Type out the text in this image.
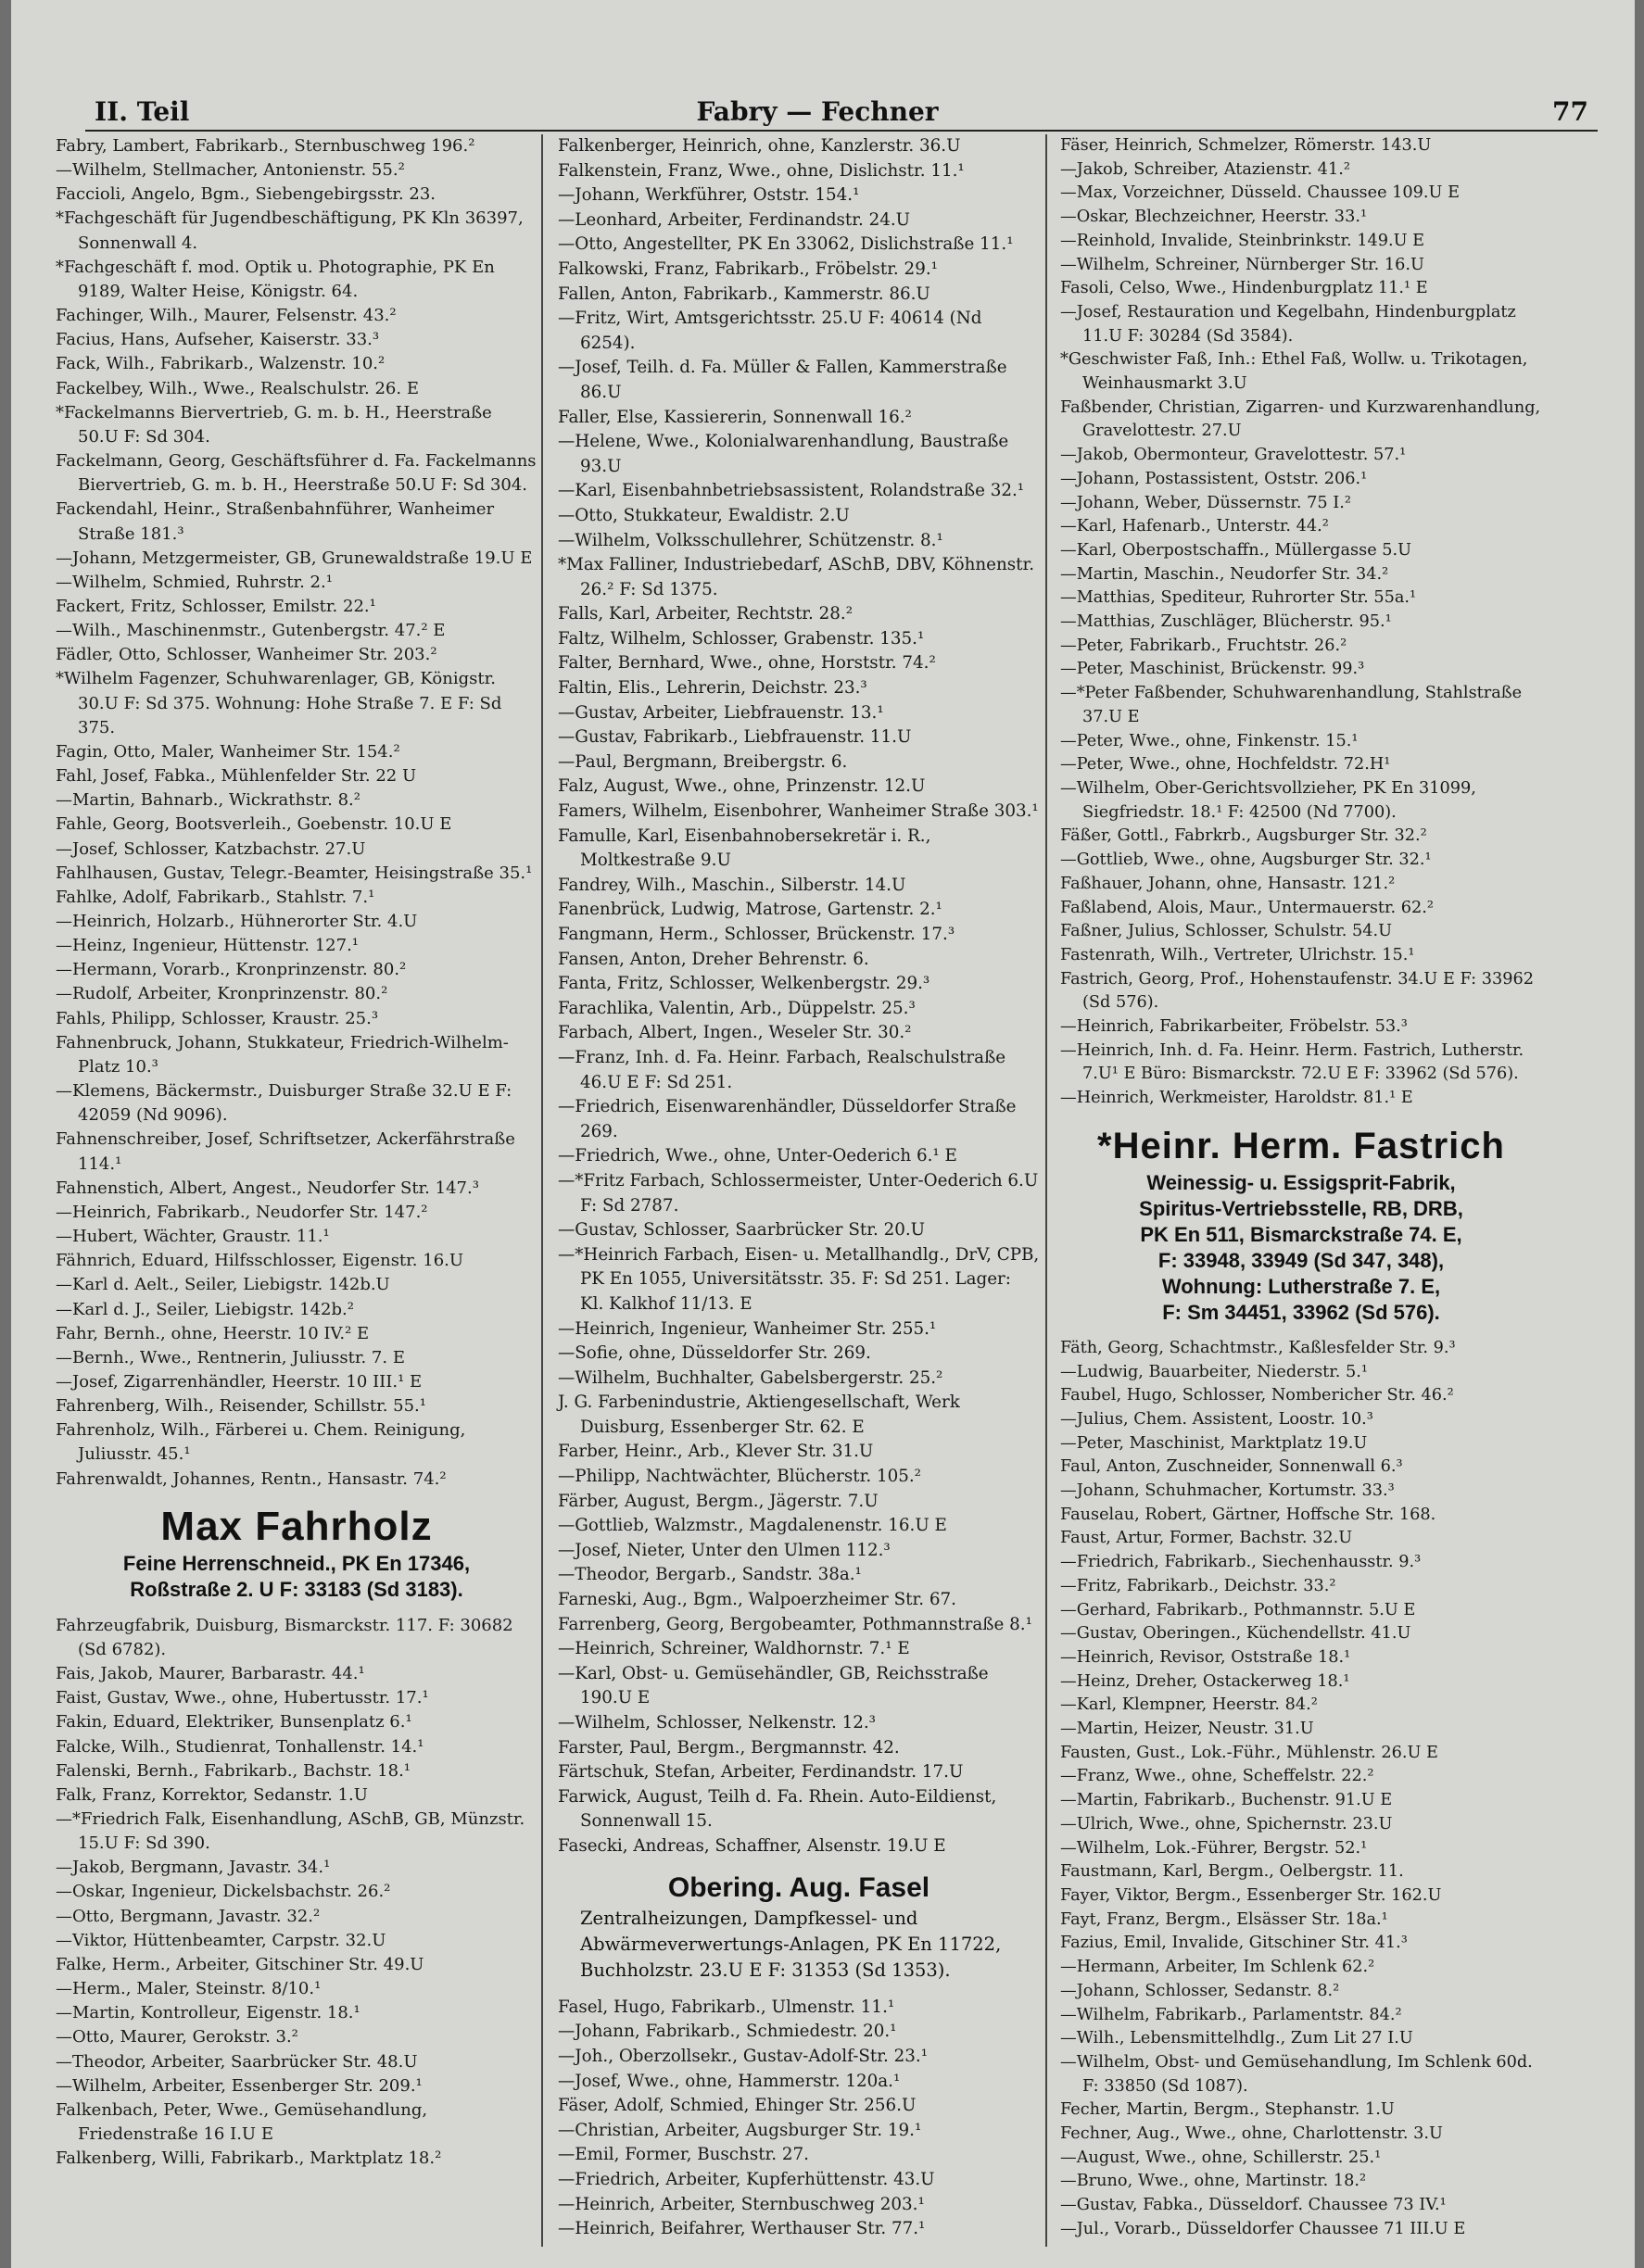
II. Teil	Fabry — Fechner	77

Fabry, Lambert, Fabrikarb., Sternbuschweg 196.²

—Wilhelm, Stellmacher, Antonienstr. 55.²

Faccioli, Angelo, Bgm., Siebengebirgsstr. 23.

*Fachgeschäft für Jugendbeschäftigung, PK Kln 36397, Sonnenwall 4.

*Fachgeschäft f. mod. Optik u. Photographie, PK En 9189, Walter Heise, Königstr. 64.

Fachinger, Wilh., Maurer, Felsenstr. 43.²

Facius, Hans, Aufseher, Kaiserstr. 33.³

Fack, Wilh., Fabrikarb., Walzenstr. 10.²

Fackelbey, Wilh., Wwe., Realschulstr. 26. E

*Fackelmanns Biervertrieb, G. m. b. H., Heerstraße 50.U F: Sd 304.

Fackelmann, Georg, Geschäftsführer d. Fa. Fackelmanns Biervertrieb, G. m. b. H., Heerstraße 50.U F: Sd 304.

Fackendahl, Heinr., Straßenbahnführer, Wanheimer Straße 181.³

—Johann, Metzgermeister, GB, Grunewaldstraße 19.U E

—Wilhelm, Schmied, Ruhrstr. 2.¹

Fackert, Fritz, Schlosser, Emilstr. 22.¹

—Wilh., Maschinenmstr., Gutenbergstr. 47.² E

Fädler, Otto, Schlosser, Wanheimer Str. 203.²

*Wilhelm Fagenzer, Schuhwarenlager, GB, Königstr. 30.U F: Sd 375. Wohnung: Hohe Straße 7. E F: Sd 375.

Fagin, Otto, Maler, Wanheimer Str. 154.²

Fahl, Josef, Fabka., Mühlenfelder Str. 22 U

—Martin, Bahnarb., Wickrathstr. 8.²

Fahle, Georg, Bootsverleih., Goebenstr. 10.U E

—Josef, Schlosser, Katzbachstr. 27.U

Fahlhausen, Gustav, Telegr.-Beamter, Heisingstraße 35.¹

Fahlke, Adolf, Fabrikarb., Stahlstr. 7.¹

—Heinrich, Holzarb., Hühnerorter Str. 4.U

—Heinz, Ingenieur, Hüttenstr. 127.¹

—Hermann, Vorarb., Kronprinzenstr. 80.²

—Rudolf, Arbeiter, Kronprinzenstr. 80.²

Fahls, Philipp, Schlosser, Kraustr. 25.³

Fahnenbruck, Johann, Stukkateur, Friedrich-Wilhelm-Platz 10.³

—Klemens, Bäckermstr., Duisburger Straße 32.U E F: 42059 (Nd 9096).

Fahnenschreiber, Josef, Schriftsetzer, Ackerfährstraße 114.¹

Fahnenstich, Albert, Angest., Neudorfer Str. 147.³

—Heinrich, Fabrikarb., Neudorfer Str. 147.²

—Hubert, Wächter, Graustr. 11.¹

Fähnrich, Eduard, Hilfsschlosser, Eigenstr. 16.U

—Karl d. Aelt., Seiler, Liebigstr. 142b.U

—Karl d. J., Seiler, Liebigstr. 142b.²

Fahr, Bernh., ohne, Heerstr. 10 IV.² E

—Bernh., Wwe., Rentnerin, Juliusstr. 7. E

—Josef, Zigarrenhändler, Heerstr. 10 III.¹ E

Fahrenberg, Wilh., Reisender, Schillstr. 55.¹

Fahrenholz, Wilh., Färberei u. Chem. Reinigung, Juliusstr. 45.¹

Fahrenwaldt, Johannes, Rentn., Hansastr. 74.²

Max Fahrholz
Feine Herrenschneid., PK En 17346,
Roßstraße 2. U F: 33183 (Sd 3183).

Fahrzeugfabrik, Duisburg, Bismarckstr. 117. F: 30682 (Sd 6782).

Fais, Jakob, Maurer, Barbarastr. 44.¹

Faist, Gustav, Wwe., ohne, Hubertusstr. 17.¹

Fakin, Eduard, Elektriker, Bunsenplatz 6.¹

Falcke, Wilh., Studienrat, Tonhallenstr. 14.¹

Falenski, Bernh., Fabrikarb., Bachstr. 18.¹

Falk, Franz, Korrektor, Sedanstr. 1.U

—*Friedrich Falk, Eisenhandlung, ASchB, GB, Münzstr. 15.U F: Sd 390.

—Jakob, Bergmann, Javastr. 34.¹

—Oskar, Ingenieur, Dickelsbachstr. 26.²

—Otto, Bergmann, Javastr. 32.²

—Viktor, Hüttenbeamter, Carpstr. 32.U

Falke, Herm., Arbeiter, Gitschiner Str. 49.U

—Herm., Maler, Steinstr. 8/10.¹

—Martin, Kontrolleur, Eigenstr. 18.¹

—Otto, Maurer, Gerokstr. 3.²

—Theodor, Arbeiter, Saarbrücker Str. 48.U

—Wilhelm, Arbeiter, Essenberger Str. 209.¹

Falkenbach, Peter, Wwe., Gemüsehandlung, Friedenstraße 16 I.U E

Falkenberg, Willi, Fabrikarb., Marktplatz 18.²

Falkenberger, Heinrich, ohne, Kanzlerstr. 36.U

Falkenstein, Franz, Wwe., ohne, Dislichstr. 11.¹

—Johann, Werkführer, Oststr. 154.¹

—Leonhard, Arbeiter, Ferdinandstr. 24.U

—Otto, Angestellter, PK En 33062, Dislichstraße 11.¹

Falkowski, Franz, Fabrikarb., Fröbelstr. 29.¹

Fallen, Anton, Fabrikarb., Kammerstr. 86.U

—Fritz, Wirt, Amtsgerichtsstr. 25.U F: 40614 (Nd 6254).

—Josef, Teilh. d. Fa. Müller & Fallen, Kammerstraße 86.U

Faller, Else, Kassiererin, Sonnenwall 16.²

—Helene, Wwe., Kolonialwarenhandlung, Baustraße 93.U

—Karl, Eisenbahnbetriebsassistent, Rolandstraße 32.¹

—Otto, Stukkateur, Ewaldistr. 2.U

—Wilhelm, Volksschullehrer, Schützenstr. 8.¹

*Max Falliner, Industriebedarf, ASchB, DBV, Köhnenstr. 26.² F: Sd 1375.

Falls, Karl, Arbeiter, Rechtstr. 28.²

Faltz, Wilhelm, Schlosser, Grabenstr. 135.¹

Falter, Bernhard, Wwe., ohne, Horststr. 74.²

Faltin, Elis., Lehrerin, Deichstr. 23.³

—Gustav, Arbeiter, Liebfrauenstr. 13.¹

—Gustav, Fabrikarb., Liebfrauenstr. 11.U

—Paul, Bergmann, Breibergstr. 6.

Falz, August, Wwe., ohne, Prinzenstr. 12.U

Famers, Wilhelm, Eisenbohrer, Wanheimer Straße 303.¹

Famulle, Karl, Eisenbahnobersekretär i. R., Moltkestraße 9.U

Fandrey, Wilh., Maschin., Silberstr. 14.U

Fanenbrück, Ludwig, Matrose, Gartenstr. 2.¹

Fangmann, Herm., Schlosser, Brückenstr. 17.³

Fansen, Anton, Dreher Behrenstr. 6.

Fanta, Fritz, Schlosser, Welkenbergstr. 29.³

Farachlika, Valentin, Arb., Düppelstr. 25.³

Farbach, Albert, Ingen., Weseler Str. 30.²

—Franz, Inh. d. Fa. Heinr. Farbach, Realschulstraße 46.U E F: Sd 251.

—Friedrich, Eisenwarenhändler, Düsseldorfer Straße 269.

—Friedrich, Wwe., ohne, Unter-Oederich 6.¹ E

—*Fritz Farbach, Schlossermeister, Unter-Oederich 6.U F: Sd 2787.

—Gustav, Schlosser, Saarbrücker Str. 20.U

—*Heinrich Farbach, Eisen- u. Metallhandlg., DrV, CPB, PK En 1055, Universitätsstr. 35. F: Sd 251. Lager: Kl. Kalkhof 11/13. E

—Heinrich, Ingenieur, Wanheimer Str. 255.¹

—Sofie, ohne, Düsseldorfer Str. 269.

—Wilhelm, Buchhalter, Gabelsbergerstr. 25.²

J. G. Farbenindustrie, Aktiengesellschaft, Werk Duisburg, Essenberger Str. 62. E

Farber, Heinr., Arb., Klever Str. 31.U

—Philipp, Nachtwächter, Blücherstr. 105.²

Färber, August, Bergm., Jägerstr. 7.U

—Gottlieb, Walzmstr., Magdalenenstr. 16.U E

—Josef, Nieter, Unter den Ulmen 112.³

—Theodor, Bergarb., Sandstr. 38a.¹

Farneski, Aug., Bgm., Walpoerzheimer Str. 67.

Farrenberg, Georg, Bergobeamter, Pothmannstraße 8.¹

—Heinrich, Schreiner, Waldhornstr. 7.¹ E

—Karl, Obst- u. Gemüsehändler, GB, Reichsstraße 190.U E

—Wilhelm, Schlosser, Nelkenstr. 12.³

Farster, Paul, Bergm., Bergmannstr. 42.

Färtschuk, Stefan, Arbeiter, Ferdinandstr. 17.U

Farwick, August, Teilh d. Fa. Rhein. Auto-Eildienst, Sonnenwall 15.

Fasecki, Andreas, Schaffner, Alsenstr. 19.U E

Obering. Aug. Fasel
Zentralheizungen, Dampfkessel- und Abwärmeverwertungs-Anlagen, PK En 11722, Buchholzstr. 23.U E F: 31353 (Sd 1353).

Fasel, Hugo, Fabrikarb., Ulmenstr. 11.¹

—Johann, Fabrikarb., Schmiedestr. 20.¹

—Joh., Oberzollsekr., Gustav-Adolf-Str. 23.¹

—Josef, Wwe., ohne, Hammerstr. 120a.¹

Fäser, Adolf, Schmied, Ehinger Str. 256.U

—Christian, Arbeiter, Augsburger Str. 19.¹

—Emil, Former, Buschstr. 27.

—Friedrich, Arbeiter, Kupferhüttenstr. 43.U

—Heinrich, Arbeiter, Sternbuschweg 203.¹

—Heinrich, Beifahrer, Werthauser Str. 77.¹

Fäser, Heinrich, Schmelzer, Römerstr. 143.U

—Jakob, Schreiber, Atazienstr. 41.²

—Max, Vorzeichner, Düsseld. Chaussee 109.U E

—Oskar, Blechzeichner, Heerstr. 33.¹

—Reinhold, Invalide, Steinbrinkstr. 149.U E

—Wilhelm, Schreiner, Nürnberger Str. 16.U

Fasoli, Celso, Wwe., Hindenburgplatz 11.¹ E

—Josef, Restauration und Kegelbahn, Hindenburgplatz 11.U F: 30284 (Sd 3584).

*Geschwister Faß, Inh.: Ethel Faß, Wollw. u. Trikotagen, Weinhausmarkt 3.U

Faßbender, Christian, Zigarren- und Kurzwarenhandlung, Gravelottestr. 27.U

—Jakob, Obermonteur, Gravelottestr. 57.¹

—Johann, Postassistent, Oststr. 206.¹

—Johann, Weber, Düssernstr. 75 I.²

—Karl, Hafenarb., Unterstr. 44.²

—Karl, Oberpostschaffn., Müllergasse 5.U

—Martin, Maschin., Neudorfer Str. 34.²

—Matthias, Spediteur, Ruhrorter Str. 55a.¹

—Matthias, Zuschläger, Blücherstr. 95.¹

—Peter, Fabrikarb., Fruchtstr. 26.²

—Peter, Maschinist, Brückenstr. 99.³

—*Peter Faßbender, Schuhwarenhandlung, Stahlstraße 37.U E

—Peter, Wwe., ohne, Finkenstr. 15.¹

—Peter, Wwe., ohne, Hochfeldstr. 72.H¹

—Wilhelm, Ober-Gerichtsvollzieher, PK En 31099, Siegfriedstr. 18.¹ F: 42500 (Nd 7700).

Fäßer, Gottl., Fabrkrb., Augsburger Str. 32.²

—Gottlieb, Wwe., ohne, Augsburger Str. 32.¹

Faßhauer, Johann, ohne, Hansastr. 121.²

Faßlabend, Alois, Maur., Untermauerstr. 62.²

Faßner, Julius, Schlosser, Schulstr. 54.U

Fastenrath, Wilh., Vertreter, Ulrichstr. 15.¹

Fastrich, Georg, Prof., Hohenstaufenstr. 34.U E F: 33962 (Sd 576).

—Heinrich, Fabrikarbeiter, Fröbelstr. 53.³

—Heinrich, Inh. d. Fa. Heinr. Herm. Fastrich, Lutherstr. 7.U¹ E Büro: Bismarckstr. 72.U E F: 33962 (Sd 576).

—Heinrich, Werkmeister, Haroldstr. 81.¹ E

*Heinr. Herm. Fastrich
Weinessig- u. Essigsprit-Fabrik,
Spiritus-Vertriebsstelle, RB, DRB,
PK En 511, Bismarckstraße 74. E,
F: 33948, 33949 (Sd 347, 348),
Wohnung: Lutherstraße 7. E,
F: Sm 34451, 33962 (Sd 576).

Fäth, Georg, Schachtmstr., Kaßlesfelder Str. 9.³

—Ludwig, Bauarbeiter, Niederstr. 5.¹

Faubel, Hugo, Schlosser, Nombericher Str. 46.²

—Julius, Chem. Assistent, Loostr. 10.³

—Peter, Maschinist, Marktplatz 19.U

Faul, Anton, Zuschneider, Sonnenwall 6.³

—Johann, Schuhmacher, Kortumstr. 33.³

Fauselau, Robert, Gärtner, Hoffsche Str. 168.

Faust, Artur, Former, Bachstr. 32.U

—Friedrich, Fabrikarb., Siechenhausstr. 9.³

—Fritz, Fabrikarb., Deichstr. 33.²

—Gerhard, Fabrikarb., Pothmannstr. 5.U E

—Gustav, Oberingen., Küchendellstr. 41.U

—Heinrich, Revisor, Oststraße 18.¹

—Heinz, Dreher, Ostackerweg 18.¹

—Karl, Klempner, Heerstr. 84.²

—Martin, Heizer, Neustr. 31.U

Fausten, Gust., Lok.-Führ., Mühlenstr. 26.U E

—Franz, Wwe., ohne, Scheffelstr. 22.²

—Martin, Fabrikarb., Buchenstr. 91.U E

—Ulrich, Wwe., ohne, Spichernstr. 23.U

—Wilhelm, Lok.-Führer, Bergstr. 52.¹

Faustmann, Karl, Bergm., Oelbergstr. 11.

Fayer, Viktor, Bergm., Essenberger Str. 162.U

Fayt, Franz, Bergm., Elsässer Str. 18a.¹

Fazius, Emil, Invalide, Gitschiner Str. 41.³

—Hermann, Arbeiter, Im Schlenk 62.²

—Johann, Schlosser, Sedanstr. 8.²

—Wilhelm, Fabrikarb., Parlamentstr. 84.²

—Wilh., Lebensmittelhdlg., Zum Lit 27 I.U

—Wilhelm, Obst- und Gemüsehandlung, Im Schlenk 60d. F: 33850 (Sd 1087).

Fecher, Martin, Bergm., Stephanstr. 1.U

Fechner, Aug., Wwe., ohne, Charlottenstr. 3.U

—August, Wwe., ohne, Schillerstr. 25.¹

—Bruno, Wwe., ohne, Martinstr. 18.²

—Gustav, Fabka., Düsseldorf. Chaussee 73 IV.¹

—Jul., Vorarb., Düsseldorfer Chaussee 71 III.U E
